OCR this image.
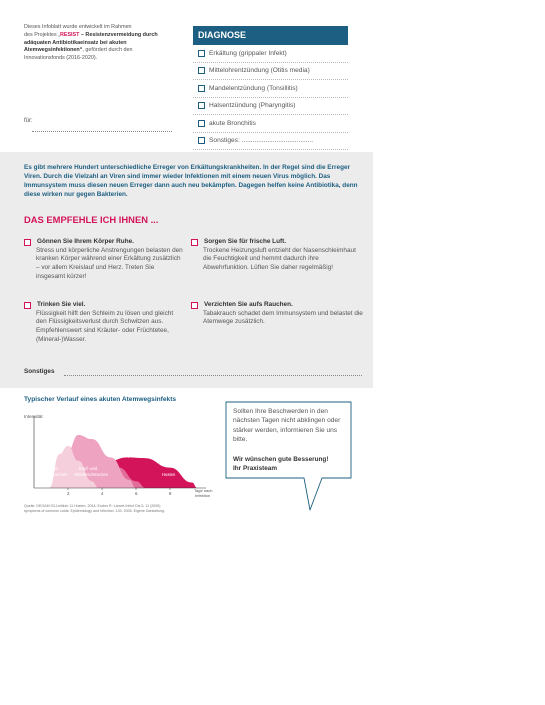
Dieses Infoblatt wurde entwickelt im Rahmen
des Projektes „RESIST – Resistenzvermeidung durch
adäquaten Antibiotikaeinsatz bei akuten
Atemwegsinfektionen“, gefördert durch den
Innovationsfonds (2016-2020).
für:
DIAGNOSE
Erkältung (grippaler Infekt)
Mittelohrentzündung (Otitis media)
Mandelentzündung (Tonsillitis)
Halsentzündung (Pharyngitis)
akute Bronchitis
Sonstiges: .......................................
Es gibt mehrere Hundert unterschiedliche Erreger von Erkältungskrankheiten. In der Regel sind die Erreger Viren. Durch die Vielzahl an Viren sind immer wieder Infektionen mit einem neuen Virus möglich. Das Immunsystem muss diesen neuen Erreger dann auch neu bekämpfen. Dagegen helfen keine Antibiotika, denn diese wirken nur gegen Bakterien.
DAS EMPFEHLE ICH IHNEN ...
Gönnen Sie Ihrem Körper Ruhe.
Stress und körperliche Anstrengungen belasten den kranken Körper während einer Erkältung zusätzlich – vor allem Kreislauf und Herz. Treten Sie insgesamt kürzer!
Sorgen Sie für frische Luft.
Trockene Heizungsluft entzieht der Nasenschleimhaut die Feuchtigkeit und hemmt dadurch ihre Abwehrfunktion. Lüften Sie daher regelmäßig!
Trinken Sie viel.
Flüssigkeit hilft den Schleim zu lösen und gleicht den Flüssigkeitsverlust durch Schwitzen aus. Empfehlenswert sind Kräuter- oder Früchtetee, (Mineral-)Wasser.
Verzichten Sie aufs Rauchen.
Tabakrauch schadet dem Immunsystem und belastet die Atemwege zusätzlich.
Sonstiges
Typischer Verlauf eines akuten Atemwegsinfekts
Intensität
2	4	6	8
Schnupfen
Hals-
schmerzen
Kopf- und
Gliederschmerzen	Husten
Tage nach
Infektion
Quelle: DEGAM S3-Leitlinie 11 Husten, 2014; Eccles R: Lancet Infect Dis 5, 11 (2005)
symptoms of common colds. Epidemiology and Infection, 133, 2005. Eigene Darstellung.
Sollten Ihre Beschwerden in den nächsten Tagen nicht abklingen oder stärker werden, informieren Sie uns bitte.
Wir wünschen gute Besserung!
Ihr Praxisteam
